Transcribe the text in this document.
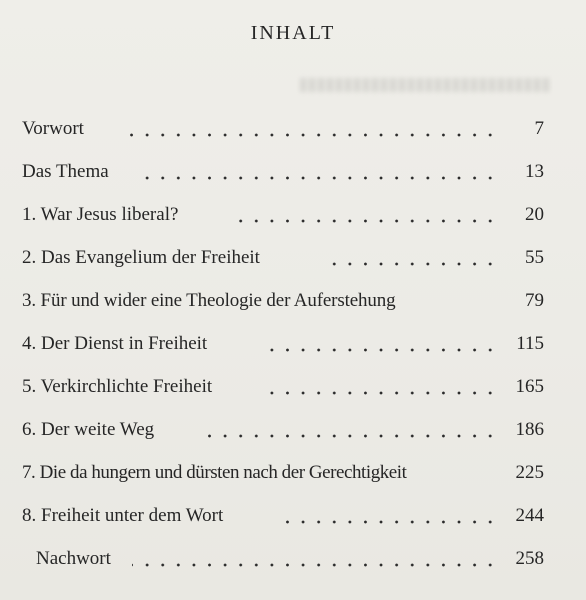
INHALT
Vorwort	7
Das Thema	13
1. War Jesus liberal?	20
2. Das Evangelium der Freiheit	55
3. Für und wider eine Theologie der Auferstehung	79
4. Der Dienst in Freiheit	115
5. Verkirchlichte Freiheit	165
6. Der weite Weg	186
7. Die da hungern und dürsten nach der Gerechtigkeit	225
8. Freiheit unter dem Wort	244
Nachwort	258
